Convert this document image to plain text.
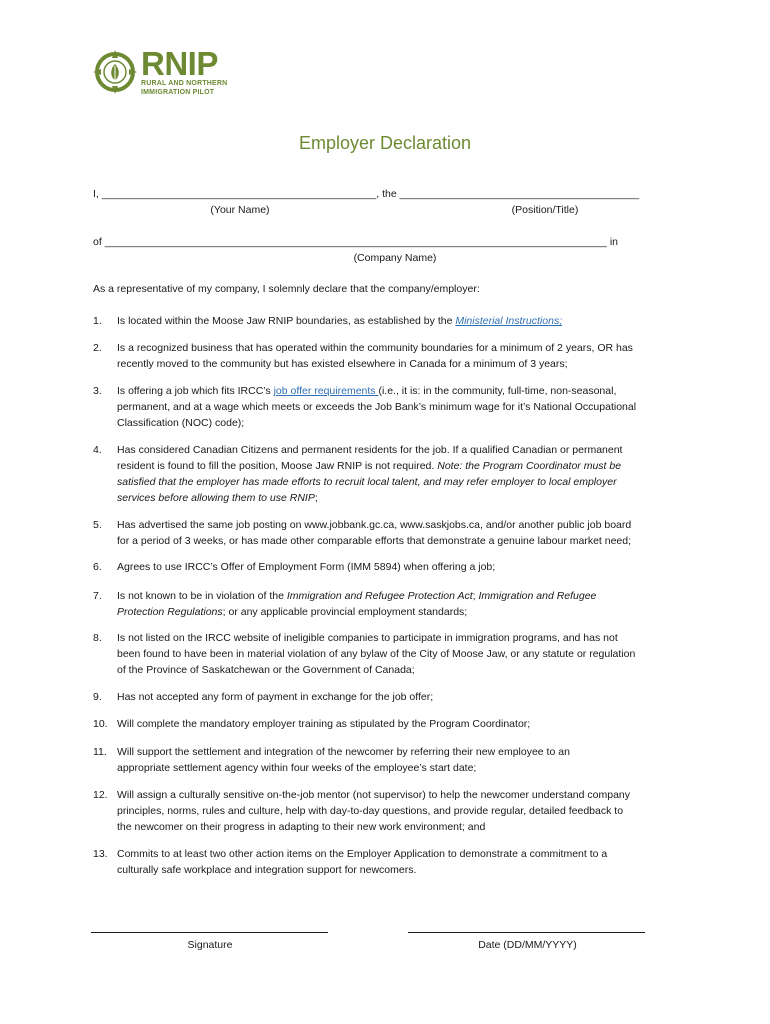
RNIP
RURAL AND NORTHERN
IMMIGRATION PILOT
Employer Declaration
I, _______________________________________________, the _________________________________________
(Your Name)	(Position/Title)
of ______________________________________________________________________________________ in
(Company Name)
As a representative of my company, I solemnly declare that the company/employer:
1. Is located within the Moose Jaw RNIP boundaries, as established by the Ministerial Instructions;
2. Is a recognized business that has operated within the community boundaries for a minimum of 2 years, OR has
recently moved to the community but has existed elsewhere in Canada for a minimum of 3 years;
3. Is offering a job which fits IRCC’s job offer requirements (i.e., it is: in the community, full-time, non-seasonal,
permanent, and at a wage which meets or exceeds the Job Bank’s minimum wage for it’s National Occupational
Classification (NOC) code);
4. Has considered Canadian Citizens and permanent residents for the job. If a qualified Canadian or permanent
resident is found to fill the position, Moose Jaw RNIP is not required. Note: the Program Coordinator must be
satisfied that the employer has made efforts to recruit local talent, and may refer employer to local employer
services before allowing them to use RNIP;
5. Has advertised the same job posting on www.jobbank.gc.ca, www.saskjobs.ca, and/or another public job board
for a period of 3 weeks, or has made other comparable efforts that demonstrate a genuine labour market need;
6. Agrees to use IRCC’s Offer of Employment Form (IMM 5894) when offering a job;
7. Is not known to be in violation of the Immigration and Refugee Protection Act; Immigration and Refugee
Protection Regulations; or any applicable provincial employment standards;
8. Is not listed on the IRCC website of ineligible companies to participate in immigration programs, and has not
been found to have been in material violation of any bylaw of the City of Moose Jaw, or any statute or regulation
of the Province of Saskatchewan or the Government of Canada;
9. Has not accepted any form of payment in exchange for the job offer;
10. Will complete the mandatory employer training as stipulated by the Program Coordinator;
11. Will support the settlement and integration of the newcomer by referring their new employee to an
appropriate settlement agency within four weeks of the employee’s start date;
12. Will assign a culturally sensitive on-the-job mentor (not supervisor) to help the newcomer understand company
principles, norms, rules and culture, help with day-to-day questions, and provide regular, detailed feedback to
the newcomer on their progress in adapting to their new work environment; and
13. Commits to at least two other action items on the Employer Application to demonstrate a commitment to a
culturally safe workplace and integration support for newcomers.
Signature	Date (DD/MM/YYYY)
